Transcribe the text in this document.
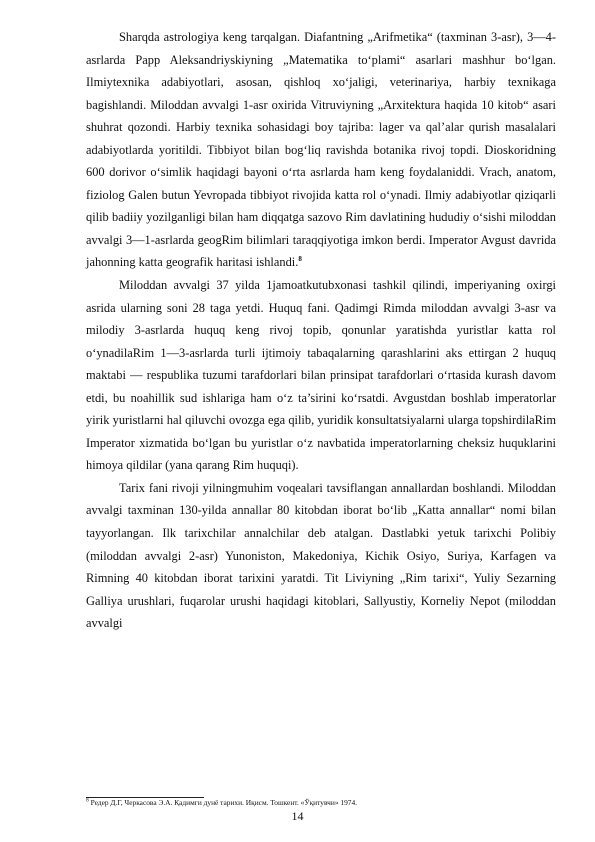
Sharqda astrologiya keng tarqalgan. Diafantning „Arifmetika“ (taxminan 3-asr), 3—4-asrlarda Papp Aleksandriyskiyning „Matematika to‘plami“ asarlari mashhur bo‘lgan. Ilmiytexnika adabiyotlari, asosan, qishloq xo‘jaligi, veterinariya, harbiy texnikaga bagishlandi. Miloddan avvalgi 1-asr oxirida Vitruviyning „Arxitektura haqida 10 kitob“ asari shuhrat qozondi. Harbiy texnika sohasidagi boy tajriba: lager va qal’alar qurish masalalari adabiyotlarda yoritildi. Tibbiyot bilan bog‘liq ravishda botanika rivoj topdi. Dioskoridning 600 dorivor o‘simlik haqidagi bayoni o‘rta asrlarda ham keng foydalaniddi. Vrach, anatom, fiziolog Galen butun Yevropada tibbiyot rivojida katta rol o‘ynadi. Ilmiy adabiyotlar qiziqarli qilib badiiy yozilganligi bilan ham diqqatga sazovo Rim davlatining hududiy o‘sishi miloddan avvalgi 3—1-asrlarda geogRim bilimlari taraqqiyotiga imkon berdi. Imperator Avgust davrida jahonning katta geografik haritasi ishlandi.$^8$

Miloddan avvalgi 37 yilda 1jamoatkutubxonasi tashkil qilindi, imperiyaning oxirgi asrida ularning soni 28 taga yetdi. Huquq fani. Qadimgi Rimda miloddan avvalgi 3-asr va milodiy 3-asrlarda huquq keng rivoj topib, qonunlar yaratishda yuristlar katta rol o‘ynadilaRim 1—3-asrlarda turli ijtimoiy tabaqalarning qarashlarini aks ettirgan 2 huquq maktabi — respublika tuzumi tarafdorlari bilan prinsipat tarafdorlari o‘rtasida kurash davom etdi, bu noahillik sud ishlariga ham o‘z ta’sirini ko‘rsatdi. Avgustdan boshlab imperatorlar yirik yuristlarni hal qiluvchi ovozga ega qilib, yuridik konsultatsiyalarni ularga topshirdilaRim Imperator xizmatida bo‘lgan bu yuristlar o‘z navbatida imperatorlarning cheksiz huquklarini himoya qildilar (yana qarang Rim huquqi).

Tarix fani rivoji yilningmuhim voqealari tavsiflangan annallardan boshlandi. Miloddan avvalgi taxminan 130-yilda annallar 80 kitobdan iborat bo‘lib „Katta annallar“ nomi bilan tayyorlangan. Ilk tarixchilar annalchilar deb atalgan. Dastlabki yetuk tarixchi Polibiy (miloddan avvalgi 2-asr) Yunoniston, Makedoniya, Kichik Osiyo, Suriya, Karfagen va Rimning 40 kitobdan iborat tarixini yaratdi. Tit Liviyning „Rim tarixi“, Yuliy Sezarning Galliya urushlari, fuqarolar urushi haqidagi kitoblari, Sallyustiy, Korneliy Nepot (miloddan avvalgi

$^8$ Редер Д.Г, Черкасова Э.А. Қадимги дунё тарихи. Иқисм. Тошкент. «Ўқитувчи» 1974.
14
